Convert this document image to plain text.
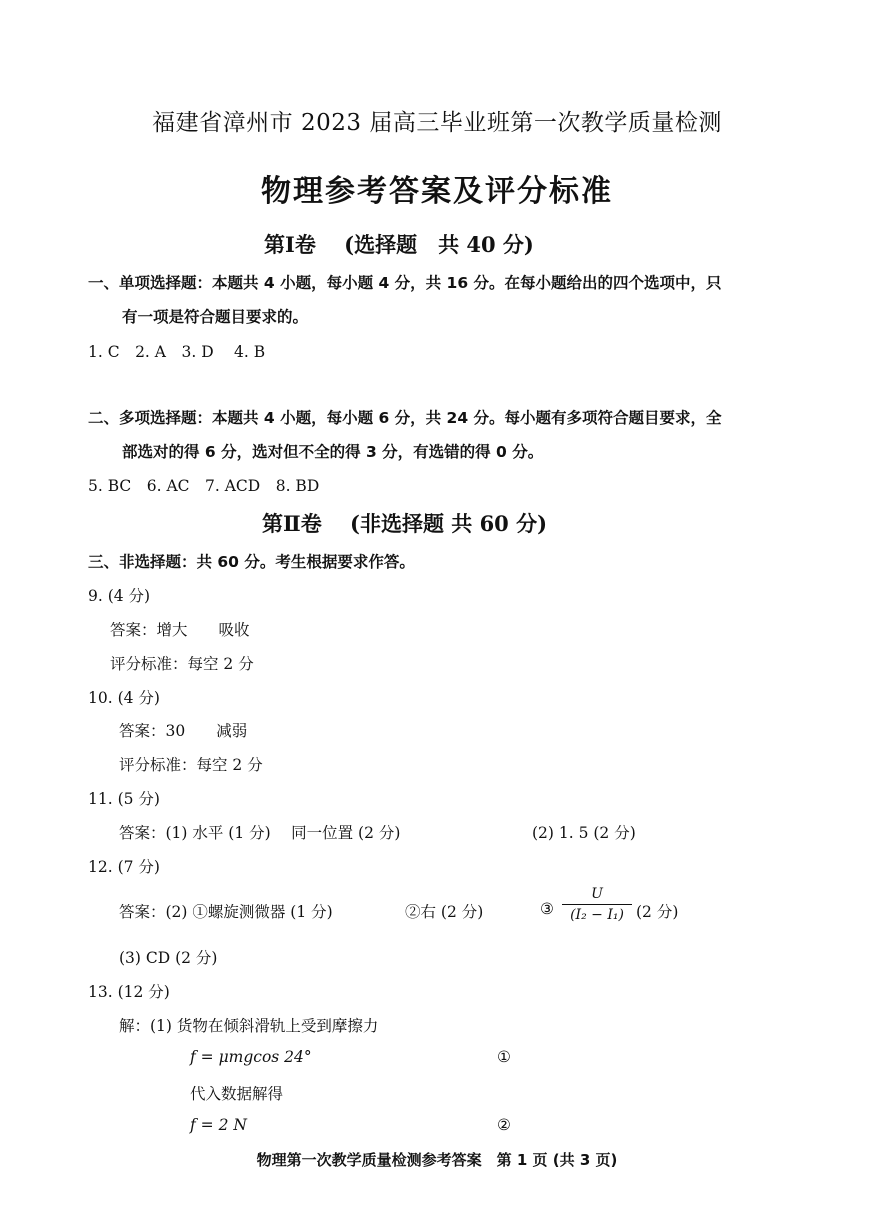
福建省漳州市 2023 届高三毕业班第一次教学质量检测
物理参考答案及评分标准
第Ⅰ卷　 (选择题　共 40 分)
一、单项选择题：本题共 4 小题，每小题 4 分，共 16 分。在每小题给出的四个选项中，只
有一项是符合题目要求的。
1. C　2. A　3. D　 4. B
二、多项选择题：本题共 4 小题，每小题 6 分，共 24 分。每小题有多项符合题目要求，全
部选对的得 6 分，选对但不全的得 3 分，有选错的得 0 分。
5. BC　6. AC　7. ACD　8. BD
第Ⅱ卷　 (非选择题 共 60 分)
三、非选择题：共 60 分。考生根据要求作答。
9. (4 分)
答案：增大　　吸收
评分标准：每空 2 分
10. (4 分)
答案：30　　减弱
评分标准：每空 2 分
11. (5 分)
答案：(1) 水平 (1 分)　 同一位置 (2 分)	(2) 1. 5 (2 分)
12. (7 分)
答案：(2) ①螺旋测微器 (1 分)	②右 (2 分)	③
U
(I₂ − I₁) (2 分)
(3) CD (2 分)
13. (12 分)
解：(1) 货物在倾斜滑轨上受到摩擦力
f = μmgcos 24°	①
代入数据解得
f = 2 N	②
物理第一次教学质量检测参考答案　第 1 页 (共 3 页)
